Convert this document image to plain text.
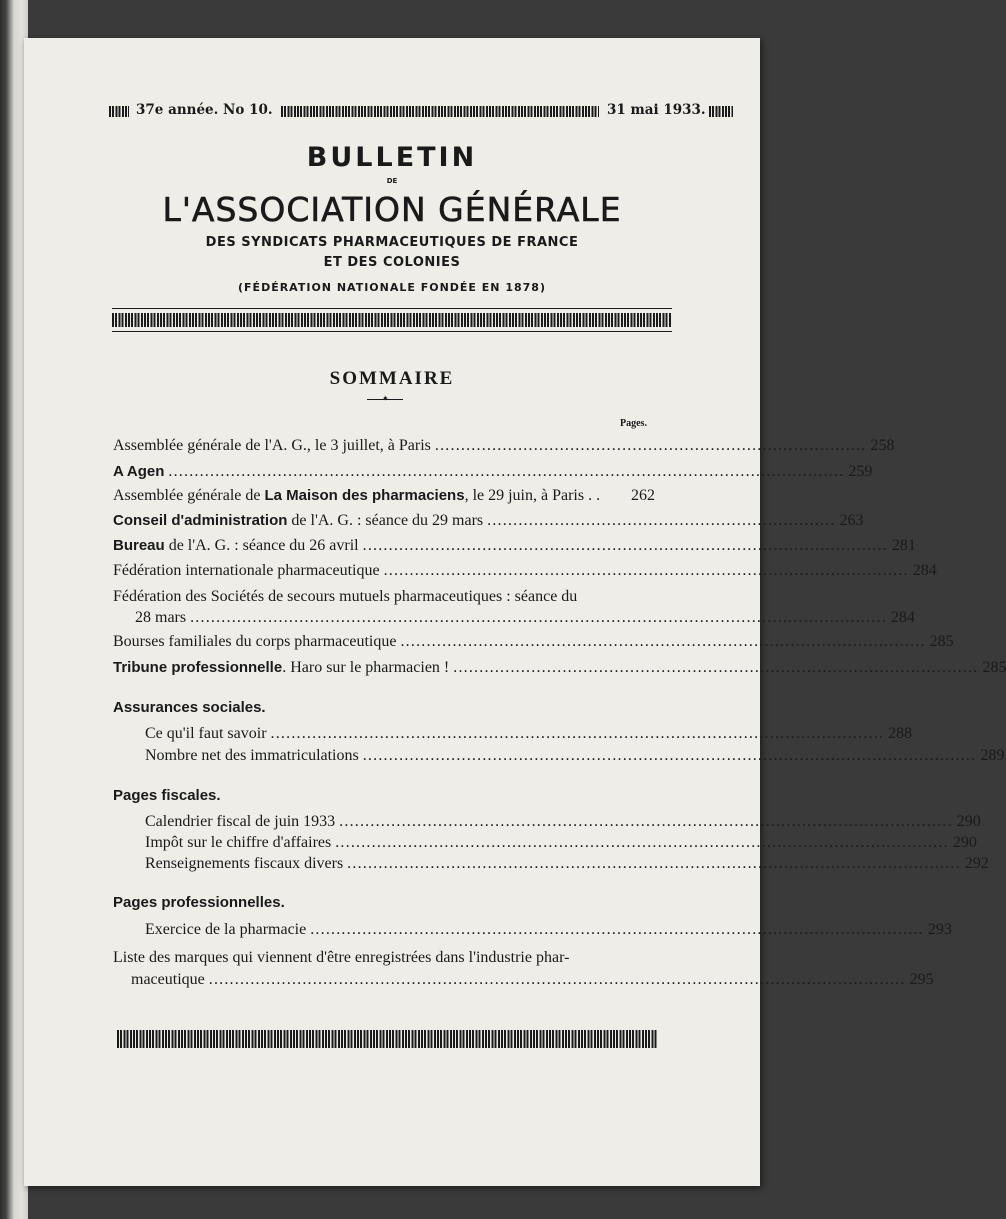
37e année. No 10.	31 mai 1933.
BULLETIN
DE
L'ASSOCIATION GÉNÉRALE
DES SYNDICATS PHARMACEUTIQUES DE FRANCE
ET DES COLONIES
(FÉDÉRATION NATIONALE FONDÉE EN 1878)
SOMMAIRE
✦
Pages.
Assemblée générale de l'A. G., le 3 juillet, à Paris ................................................................................... 258
A Agen .................................................................................................................................. 259
Assemblée générale de La Maison des pharmaciens, le 29 juin, à Paris . .	262
Conseil d'administration de l'A. G. : séance du 29 mars ................................................................... 263
Bureau de l'A. G. : séance du 26 avril ..................................................................................................... 281
Fédération internationale pharmaceutique ..................................................................................................... 284
Fédération des Sociétés de secours mutuels pharmaceutiques : séance du
28 mars ...................................................................................................................................... 284
Bourses familiales du corps pharmaceutique ..................................................................................................... 285
Tribune professionnelle. Haro sur le pharmacien ! ..................................................................................................... 285
Assurances sociales.
Ce qu'il faut savoir ...................................................................................................................... 288
Nombre net des immatriculations ...................................................................................................................... 289
Pages fiscales.
Calendrier fiscal de juin 1933 ...................................................................................................................... 290
Impôt sur le chiffre d'affaires ...................................................................................................................... 290
Renseignements fiscaux divers ...................................................................................................................... 292
Pages professionnelles.
Exercice de la pharmacie ...................................................................................................................... 293
Liste des marques qui viennent d'être enregistrées dans l'industrie phar-
maceutique ...................................................................................................................................... 295
